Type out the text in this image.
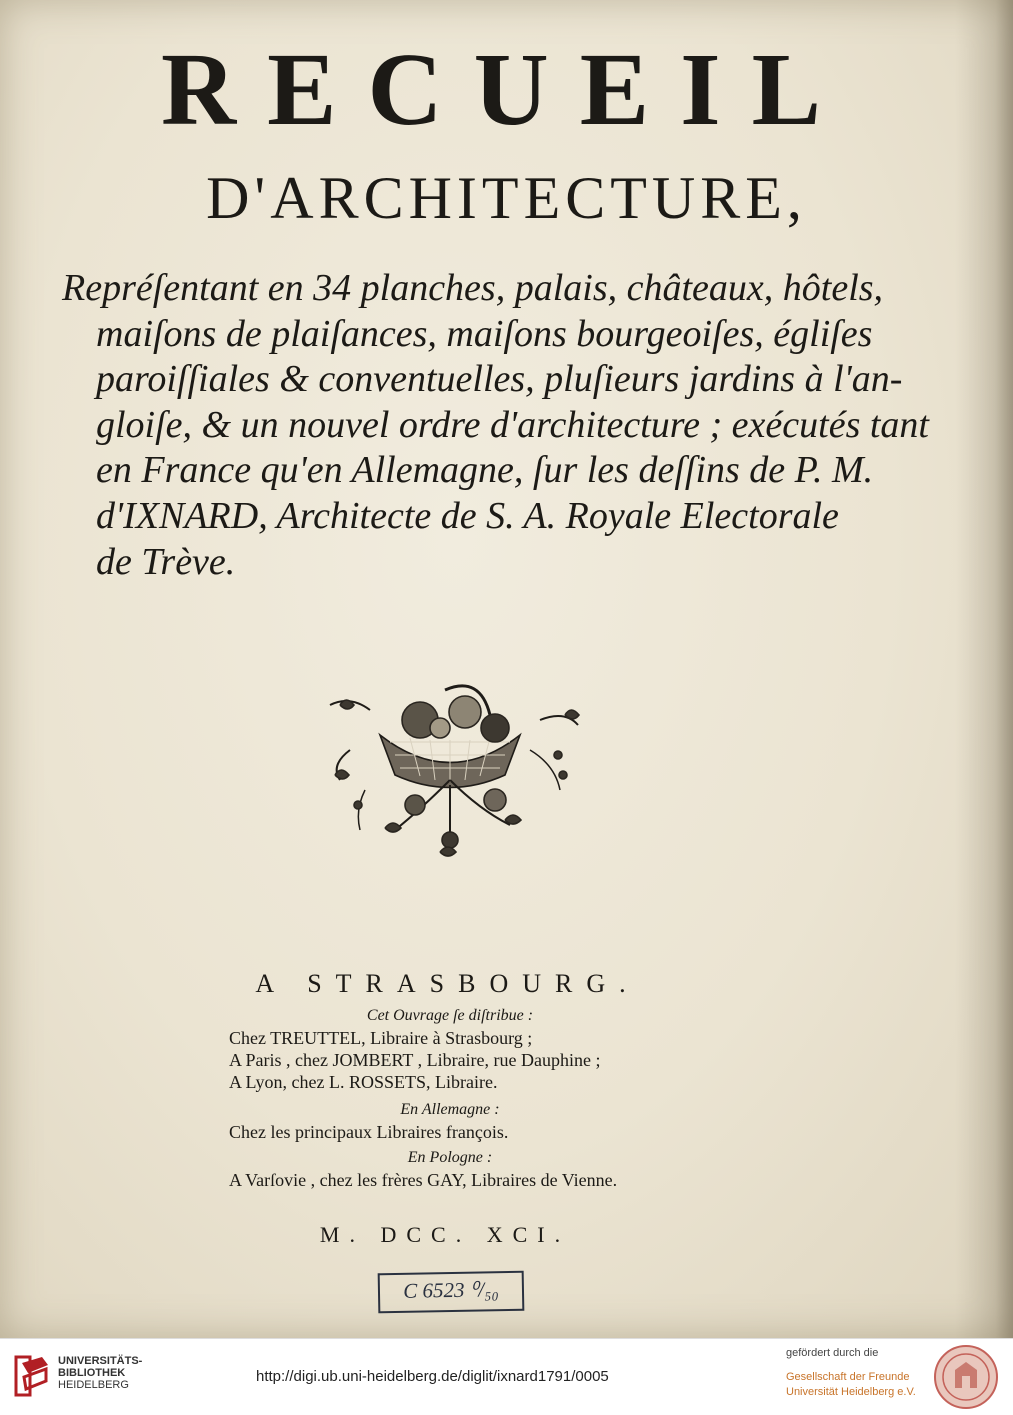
RECUEIL
D'ARCHITECTURE,

Repréſentant en 34 planches, palais, châteaux, hôtels,
maiſons de plaiſances, maiſons bourgeoiſes, égliſes
paroiſſiales & conventuelles, pluſieurs jardins à l'an-
gloiſe, & un nouvel ordre d'architecture ; exécutés tant
en France qu'en Allemagne, ſur les deſſins de P. M.
d'IXNARD, Architecte de S. A. Royale Electorale
de Trève.

A STRASBOURG.
Cet Ouvrage ſe diſtribue :
Chez TREUTTEL, Libraire à Strasbourg ;
A Paris , chez JOMBERT , Libraire, rue Dauphine ;
A Lyon, chez L. ROSSETS, Libraire.
En Allemagne :
Chez les principaux Libraires françois.
En Pologne :
A Varſovie , chez les frères GAY, Libraires de Vienne.
M. DCC. XCI.
C 6523 ⁰/₅₀
UNIVERSITÄTS-
BIBLIOTHEK
HEIDELBERG	http://digi.ub.uni-heidelberg.de/diglit/ixnard1791/0005
gefördert durch die
Gesellschaft der Freunde
Universität Heidelberg e.V.
